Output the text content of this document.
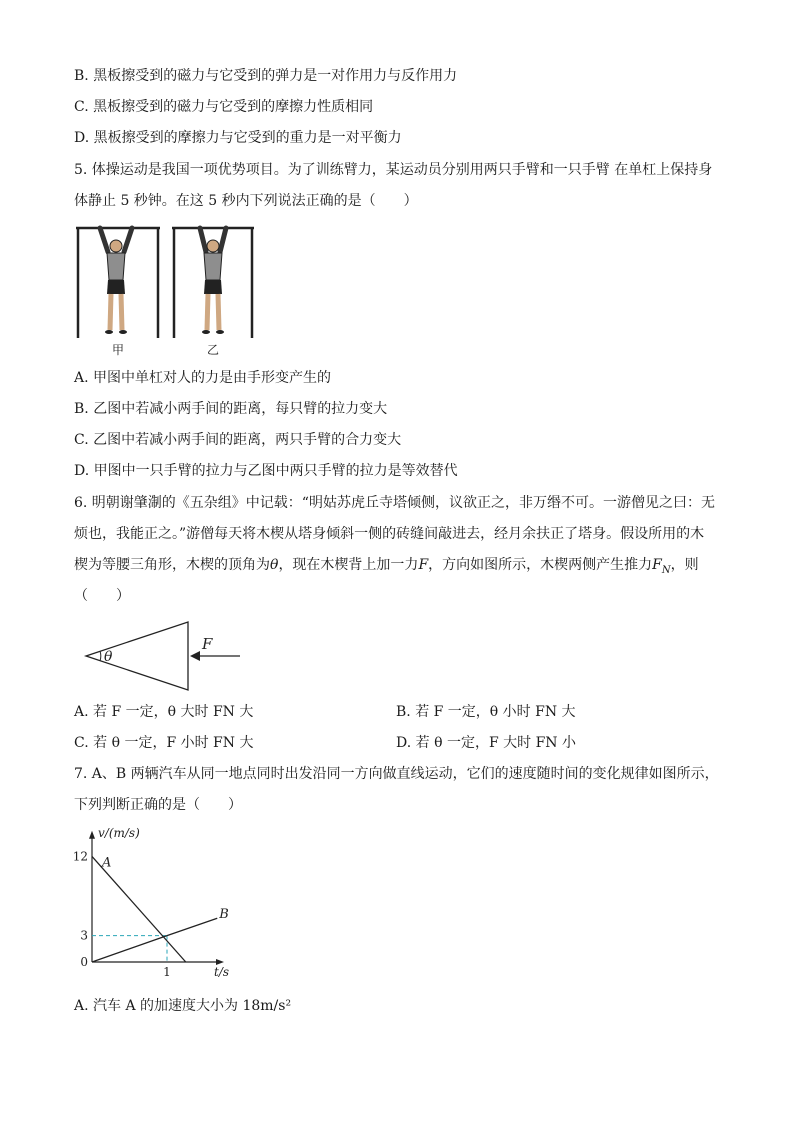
B. 黑板擦受到的磁力与它受到的弹力是一对作用力与反作用力
C. 黑板擦受到的磁力与它受到的摩擦力性质相同
D. 黑板擦受到的摩擦力与它受到的重力是一对平衡力
5. 体操运动是我国一项优势项目。为了训练臂力，某运动员分别用两只手臂和一只手臂 在单杠上保持身
体静止 5 秒钟。在这 5 秒内下列说法正确的是（　　）
甲	乙
A. 甲图中单杠对人的力是由手形变产生的
B. 乙图中若减小两手间的距离，每只臂的拉力变大
C. 乙图中若减小两手间的距离，两只手臂的合力变大
D. 甲图中一只手臂的拉力与乙图中两只手臂的拉力是等效替代
6. 明朝谢肇淛的《五杂组》中记载：“明姑苏虎丘寺塔倾侧，议欲正之，非万缗不可。一游僧见之曰：无
烦也，我能正之。”游僧每天将木楔从塔身倾斜一侧的砖缝间敲进去，经月余扶正了塔身。假设所用的木
楔为等腰三角形，木楔的顶角为θ，现在木楔背上加一力F，方向如图所示，木楔两侧产生推力$F_N$，则
（　　）
θ
F
A. 若 F 一定，θ 大时 FN 大	B. 若 F 一定，θ 小时 FN 大
C. 若 θ 一定，F 小时 FN 大	D. 若 θ 一定，F 大时 FN 小
7. A、B 两辆汽车从同一地点同时出发沿同一方向做直线运动，它们的速度随时间的变化规律如图所示，
下列判断正确的是（　　）
v/(m/s)
t/s
12
3
0
1
A
B
A. 汽车 A 的加速度大小为 18m/s²
